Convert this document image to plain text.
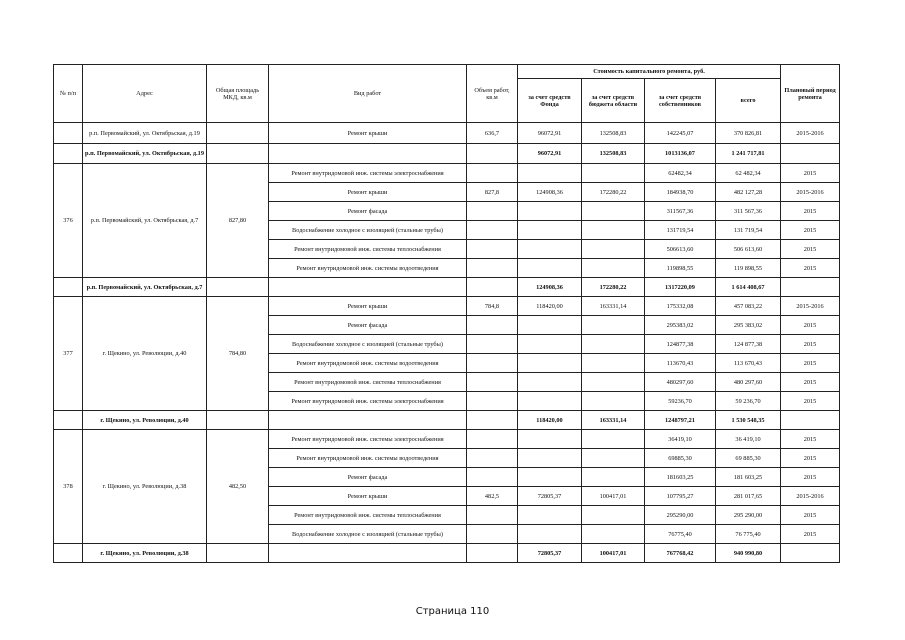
№ п/п	Адрес	Общая площадь МКД, кв.м	Вид работ	Объем работ, кв.м	Стоимость капитального ремонта, руб.				Плановый период ремонта
					за счет средств Фонда	за счет средств бюджета области	за счет средств собственников	всего	
	р.п. Первомайский, ул. Октябрьская, д.19		Ремонт крыши	636,7	96072,91	132508,83	142245,07	370 826,81	2015-2016
	р.п. Первомайский, ул. Октябрьская, д.19				96072,91	132508,83	1013136,07	1 241 717,81	
376	р.п. Первомайский, ул. Октябрьская, д.7	827,80	Ремонт внутридомовой инж. системы электроснабжения				62482,34	62 482,34	2015
			Ремонт крыши	827,8	124908,36	172280,22	184938,70	482 127,28	2015-2016
			Ремонт фасада				311567,36	311 567,36	2015
			Водоснабжение холодное с изоляцией (стальные трубы)				131719,54	131 719,54	2015
			Ремонт внутридомовой инж. системы теплоснабжения				506613,60	506 613,60	2015
			Ремонт внутридомовой инж. системы водоотведения				119898,55	119 898,55	2015
	р.п. Первомайский, ул. Октябрьская, д.7				124908,36	172280,22	1317220,09	1 614 408,67	
377	г. Щекино, ул. Революции, д.40	784,80	Ремонт крыши	784,8	118420,00	163331,14	175332,08	457 083,22	2015-2016
			Ремонт фасада				295383,02	295 383,02	2015
			Водоснабжение холодное с изоляцией (стальные трубы)				124877,38	124 877,38	2015
			Ремонт внутридомовой инж. системы водоотведения				113670,43	113 670,43	2015
			Ремонт внутридомовой инж. системы теплоснабжения				480297,60	480 297,60	2015
			Ремонт внутридомовой инж. системы электроснабжения				59236,70	59 236,70	2015
	г. Щекино, ул. Революции, д.40				118420,00	163331,14	1248797,21	1 530 548,35	
378	г. Щекино, ул. Революции, д.38	482,50	Ремонт внутридомовой инж. системы электроснабжения				36419,10	36 419,10	2015
			Ремонт внутридомовой инж. системы водоотведения				69885,30	69 885,30	2015
			Ремонт фасада				181603,25	181 603,25	2015
			Ремонт крыши	482,5	72805,37	100417,01	107795,27	281 017,65	2015-2016
			Ремонт внутридомовой инж. системы теплоснабжения				295290,00	295 290,00	2015
			Водоснабжение холодное с изоляцией (стальные трубы)				76775,40	76 775,40	2015
	г. Щекино, ул. Революции, д.38				72805,37	100417,01	767768,42	940 990,80	
Страница 110
